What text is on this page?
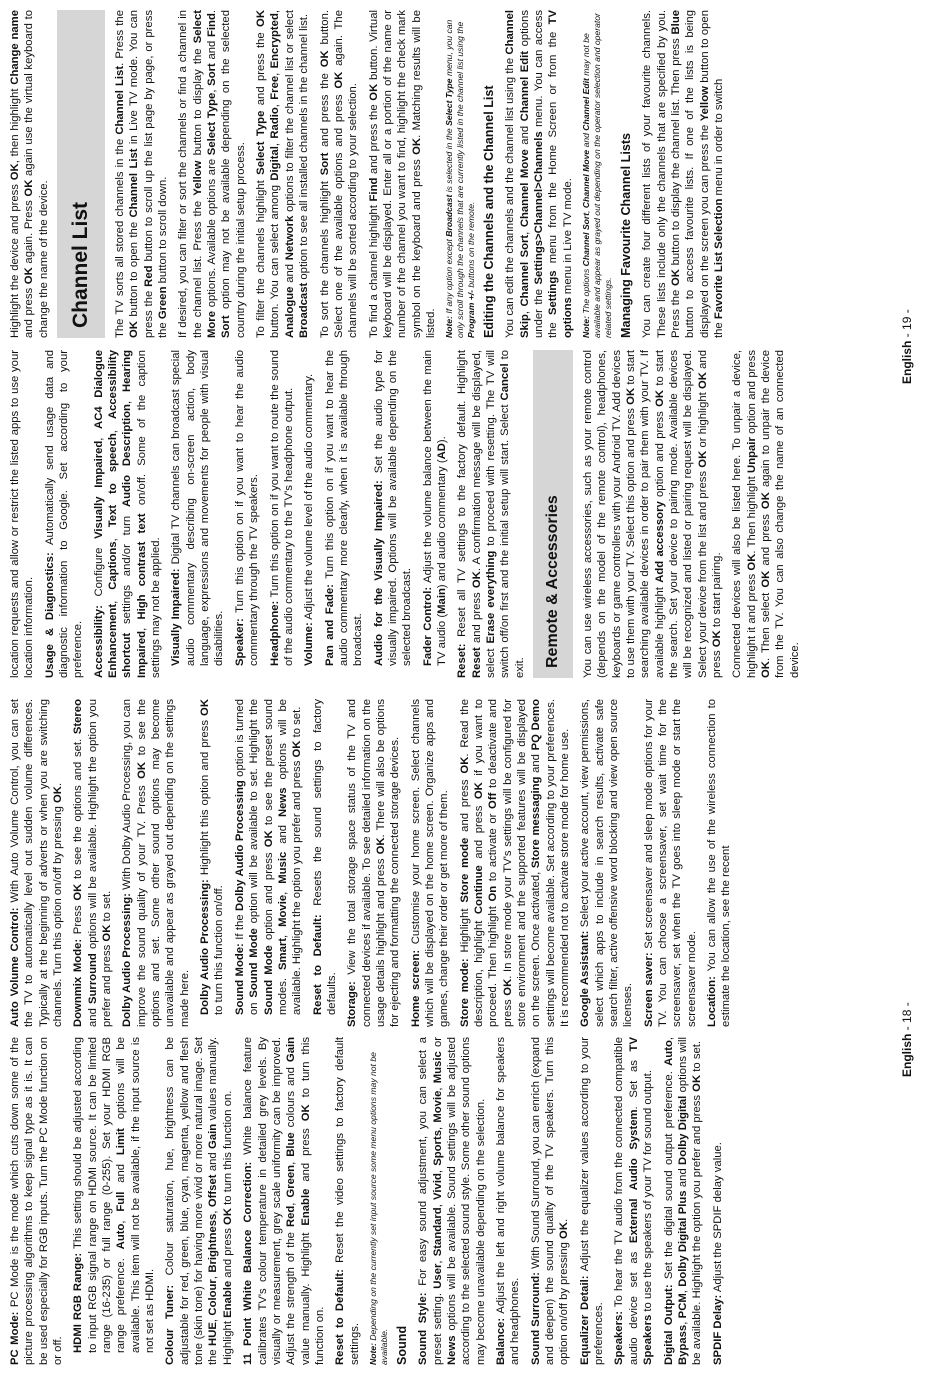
PC Mode: PC Mode is the mode which cuts down some of the picture processing algorithms to keep signal type as it is. It can be used especially for RGB inputs. Turn the PC Mode function on or off. HDMI RGB Range: This setting should be adjusted according to input RGB signal range on HDMI source. It can be limited range (16-235) or full range (0-255). Set your HDMI RGB range preference. Auto, Full and Limit options will be available. This item will not be available, if the input source is not set as HDMI. Colour Tuner: Colour saturation, hue, brightness can be adjustable for red, green, blue, cyan, magenta, yellow and flesh tone (skin tone) for having more vivid or more natural image. Set the HUE, Colour, Brightness, Offset and Gain values manually. Highlight Enable and press OK to turn this function on.

11 Point White Balance Correction: White balance feature calibrates TV's colour temperature in detailed grey levels. By visually or measurement, grey scale uniformity can be improved. Adjust the strength of the Red, Green, Blue colours and Gain value manually. Highlight Enable and press OK to turn this function on. Reset to Default: Reset the video settings to factory default settings. Note: Depending on the currently set input source some menu options may not be available. Sound Sound Style: For easy sound adjustment, you can select a preset setting. User, Standard, Vivid, Sports, Movie, Music or News options will be available. Sound settings will be adjusted according to the selected sound style. Some other sound options may become unavailable depending on the selection. Balance: Adjust the left and right volume balance for speakers and headphones. Sound Surround: With Sound Surround, you can enrich (expand and deepen) the sound quality of the TV speakers. Turn this option on/off by pressing OK.

Equalizer Detail: Adjust the equalizer values according to your preferences. Speakers: To hear the TV audio from the connected compatible audio device set as External Audio System. Set as TV Speakers to use the speakers of your TV for sound output.

Digital Output: Set the digital sound output preference. Auto, Bypass, PCM, Dolby Digital Plus and Dolby Digital options will be available. Highlight the option you prefer and press OK to set.

SPDIF Delay: Adjust the SPDIF delay value.

Auto Volume Control: With Auto Volume Control, you can set the TV to automatically level out sudden volume differences. Typically at the beginning of adverts or when you are switching channels. Turn this option on/off by pressing OK.

Downmix Mode: Press OK to see the options and set. Stereo and Surround options will be available. Highlight the option you prefer and press OK to set. Dolby Audio Processing: With Dolby Audio Processing, you can improve the sound quality of your TV. Press OK to see the options and set. Some other sound options may become unavailable and appear as grayed out depending on the settings made here. Dolby Audio Processing: Highlight this option and press OK to turn this function on/off. Sound Mode: If the Dolby Audio Processing option is turned on Sound Mode option will be available to set. Highlight the Sound Mode option and press OK to see the preset sound modes. Smart, Movie, Music and News options will be available. Highlight the option you prefer and press OK to set.

Reset to Default: Resets the sound settings to factory defaults. Storage: View the total storage space status of the TV and connected devices if available. To see detailed information on the usage details highlight and press OK. There will also be options for ejecting and formatting the connected storage devices. Home screen: Customise your home screen. Select channels which will be displayed on the home screen. Organize apps and games, change their order or get more of them. Store mode: Highlight Store mode and press OK. Read the description, highlight Continue and press OK if you want to proceed. Then highlight On to activate or Off to deactivate and press OK. In store mode your TV's settings will be configured for store environment and the supported features will be displayed on the screen. Once activated, Store messaging and PQ Demo settings will become available. Set according to your preferences. It is recommended not to activate store mode for home use. Google Assistant: Select your active account, view permissions, select which apps to include in search results, activate safe search filter, active offensive word blocking and view open source licenses. Screen saver: Set screensaver and sleep mode options for your TV. You can choose a screensaver, set wait time for the screensaver, set when the TV goes into sleep mode or start the screensaver mode. Location: You can allow the use of the wireless connection to estimate the location, see the recent

English - 18 -

location requests and allow or restrict the listed apps to use your location information. Usage & Diagnostics: Automatically send usage data and diagnostic information to Google. Set according to your preference. Accessibility: Configure Visually Impaired, AC4 Dialogue Enhancement, Captions, Text to speech, Accessibility shortcut settings and/or turn Audio Description, Hearing Impaired, High contrast text on/off. Some of the caption settings may not be applied. Visually Impaired: Digital TV channels can broadcast special audio commentary describing on-screen action, body language, expressions and movements for people with visual disabilities. Speaker: Turn this option on if you want to hear the audio commentary through the TV speakers. Headphone: Turn this option on if you want to route the sound of the audio commentary to the TV's headphone output. Volume: Adjust the volume level of the audio commentary.

Pan and Fade: Turn this option on if you want to hear the audio commentary more clearly, when it is available through broadcast. Audio for the Visually Impaired: Set the audio type for visually impaired. Options will be available depending on the selected broadcast. Fader Control: Adjust the volume balance between the main TV audio (Main) and audio commentary (AD).

Reset: Reset all TV settings to the factory default. Highlight Reset and press OK. A confirmation message will be displayed, select Erase everything to proceed with resetting. The TV will switch off/on first and the initial setup will start. Select Cancel to exit.	Remote & Accessories	You can use wireless accessories, such as your remote control (depends on the model of the remote control), headphones, keyboards or game controllers with your Android TV. Add devices to use them with your TV. Select this option and press OK to start searching available devices in order to pair them with your TV. If available highlight Add accessory option and press OK to start the search. Set your device to pairing mode. Available devices will be recognized and listed or pairing request will be displayed. Select your device from the list and press OK or highlight OK and press OK to start pairing. Connected devices will also be listed here. To unpair a device, highlight it and press OK. Then highlight Unpair option and press OK. Then select OK and press OK again to unpair the device from the TV. You can also change the name of an connected device.

Highlight the device and press OK, then highlight Change name and press OK again. Press OK again use the virtual keyboard to change the name of the device. Channel List	The TV sorts all stored channels in the Channel List. Press the OK button to open the Channel List in Live TV mode. You can press the Red button to scroll up the list page by page, or press the Green button to scroll down. If desired, you can filter or sort the channels or find a channel in the channel list. Press the Yellow button to display the Select More options. Available options are Select Type, Sort and Find. Sort option may not be available depending on the selected country during the initial setup process. To filter the channels highlight Select Type and press the OK button. You can select among Digital, Radio, Free, Encrypted, Analogue and Network options to filter the channel list or select Broadcast option to see all installed channels in the channel list. To sort the channels highlight Sort and press the OK button. Select one of the available options and press OK again. The channels will be sorted according to your selection. To find a channel highlight Find and press the OK button. Virtual keyboard will be displayed. Enter all or a portion of the name or number of the channel you want to find, highlight the check mark symbol on the keyboard and press OK. Matching results will be listed. Note: If any option except Broadcast is selected in the Select Type menu, you can only scroll through the channels that are currently listed in the channel list using the Program +/- buttons on the remote. Editing the Channels and the Channel List You can edit the channels and the channel list using the Channel Skip, Channel Sort, Channel Move and Channel Edit options under the Settings>Channel>Channels menu. You can access the Settings menu from the Home Screen or from the TV options menu in Live TV mode.

Note: The options Channel Sort, Channel Move and Channel Edit may not be available and appear as grayed out depending on the operator selection and operator related settings. Managing Favourite Channel Lists You can create four different lists of your favourite channels. These lists include only the channels that are specified by you. Press the OK button to display the channel list. Then press Blue button to access favourite lists. If one of the lists is being displayed on the screen you can press the Yellow button to open the Favorite List Selection menu in order to switch

English - 19 -
